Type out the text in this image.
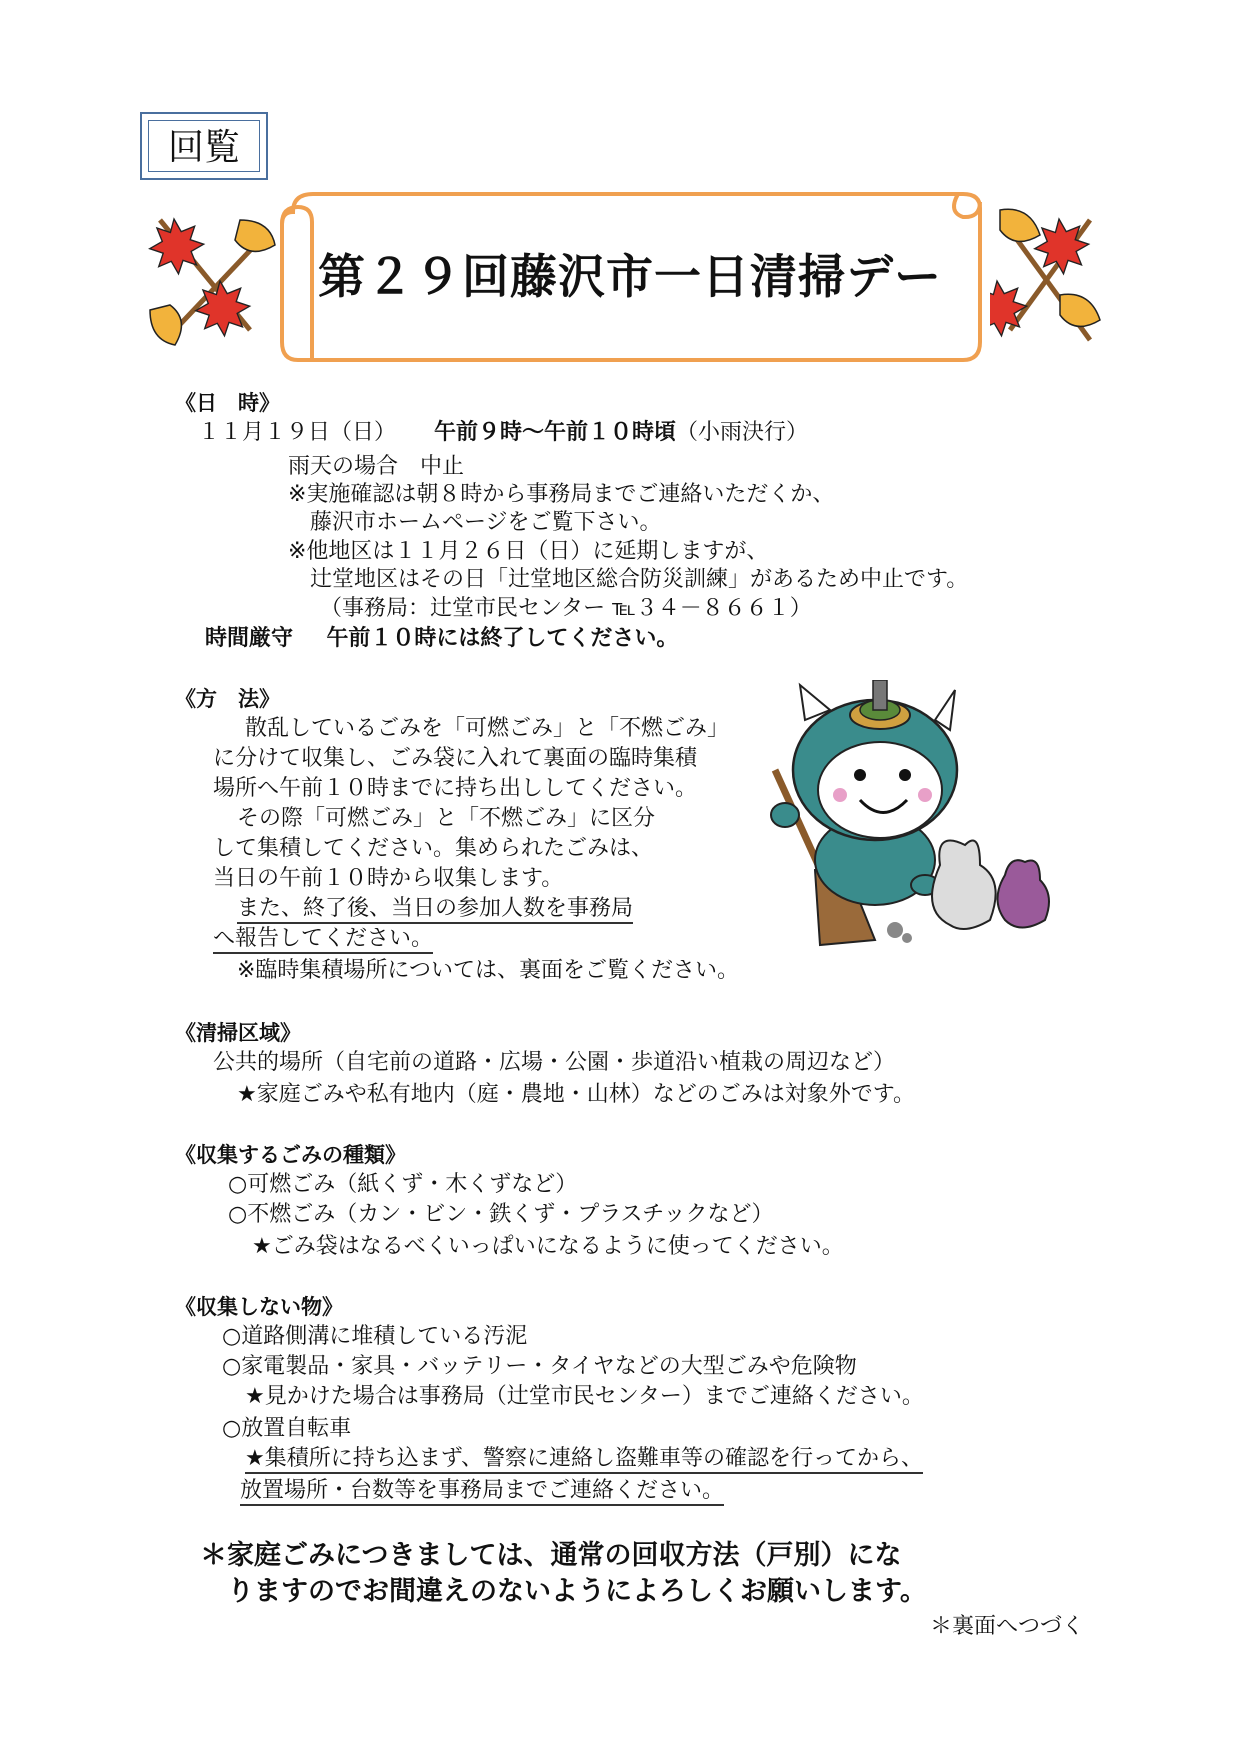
回覧
第２９回藤沢市一日清掃デー
《日　時》
１１月１９日（日） 午前９時～午前１０時頃（小雨決行）
雨天の場合　中止
※実施確認は朝８時から事務局までご連絡いただくか、
藤沢市ホームページをご覧下さい。
※他地区は１１月２６日（日）に延期しますが、
辻堂地区はその日「辻堂地区総合防災訓練」があるため中止です。
（事務局：辻堂市民センター ℡３４－８６６１）
時間厳守 午前１０時には終了してください。
《方　法》
散乱しているごみを「可燃ごみ」と「不燃ごみ」
に分けて収集し、ごみ袋に入れて裏面の臨時集積
場所へ午前１０時までに持ち出ししてください。
その際「可燃ごみ」と「不燃ごみ」に区分
して集積してください。集められたごみは、
当日の午前１０時から収集します。
また、終了後、当日の参加人数を事務局
へ報告してください。
※臨時集積場所については、裏面をご覧ください。
《清掃区域》
公共的場所（自宅前の道路・広場・公園・歩道沿い植栽の周辺など）
★家庭ごみや私有地内（庭・農地・山林）などのごみは対象外です。
《収集するごみの種類》
○可燃ごみ（紙くず・木くずなど）
○不燃ごみ（カン・ビン・鉄くず・プラスチックなど）
★ごみ袋はなるべくいっぱいになるように使ってください。
《収集しない物》
○道路側溝に堆積している汚泥
○家電製品・家具・バッテリー・タイヤなどの大型ごみや危険物
★見かけた場合は事務局（辻堂市民センター）までご連絡ください。
○放置自転車
★集積所に持ち込まず、警察に連絡し盗難車等の確認を行ってから、
放置場所・台数等を事務局までご連絡ください。
＊家庭ごみにつきましては、通常の回収方法（戸別）にな
りますのでお間違えのないようによろしくお願いします。
＊裏面へつづく
